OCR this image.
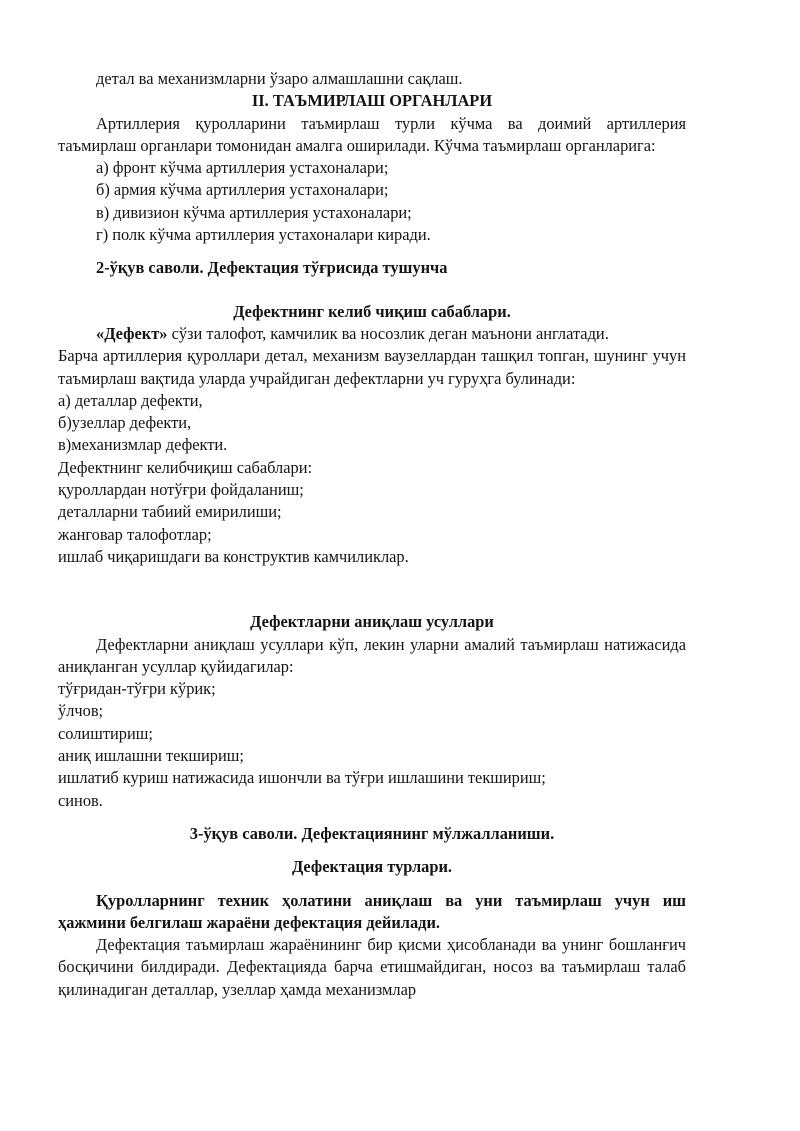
детал ва механизмларни ўзаро алмашлашни сақлаш.

II. ТАЪМИРЛАШ ОРГАНЛАРИ

Артиллерия қуролларини таъмирлаш турли кўчма ва доимий артиллерия таъмирлаш органлари томонидан амалга оширилади. Кўчма таъмирлаш органларига:

а) фронт кўчма артиллерия устахоналари;

б) армия кўчма артиллерия устахоналари;

в) дивизион кўчма артиллерия устахоналари;

г) полк кўчма артиллерия устахоналари киради.

2-ўқув саволи. Дефектация тўғрисида тушунча

Дефектнинг келиб чиқиш сабаблари.

«Дефект» сўзи талофот, камчилик ва носозлик деган маънони англатади.

Барча артиллерия қуроллари детал, механизм ваузеллардан ташқил топган, шунинг учун таъмирлаш вақтида уларда учрайдиган дефектларни уч гуруҳга булинади:

а) деталлар дефекти,

б)узеллар дефекти,

в)механизмлар дефекти.

Дефектнинг келибчиқиш сабаблари:

қуроллардан нотўғри фойдаланиш;

деталларни табиий емирилиши;

жанговар талофотлар;

ишлаб чиқаришдаги ва конструктив камчиликлар.

Дефектларни аниқлаш усуллари

Дефектларни аниқлаш усуллари кўп, лекин уларни амалий таъмирлаш натижасида аниқланган усуллар қуйидагилар:

тўғридан-тўғри кўрик;

ўлчов;

солиштириш;

аниқ ишлашни текшириш;

ишлатиб куриш натижасида ишончли ва тўғри ишлашини текшириш;

синов.

3-ўқув саволи. Дефектациянинг мўлжалланиши.

Дефектация турлари.

Қуролларнинг техник ҳолатини аниқлаш ва уни таъмирлаш учун иш ҳажмини белгилаш жараёни дефектация дейилади.

Дефектация таъмирлаш жараёнининг бир қисми ҳисобланади ва унинг бошланғич босқичини билдиради. Дефектацияда барча етишмайдиган, носоз ва таъмирлаш талаб қилинадиган деталлар, узеллар ҳамда механизмлар
